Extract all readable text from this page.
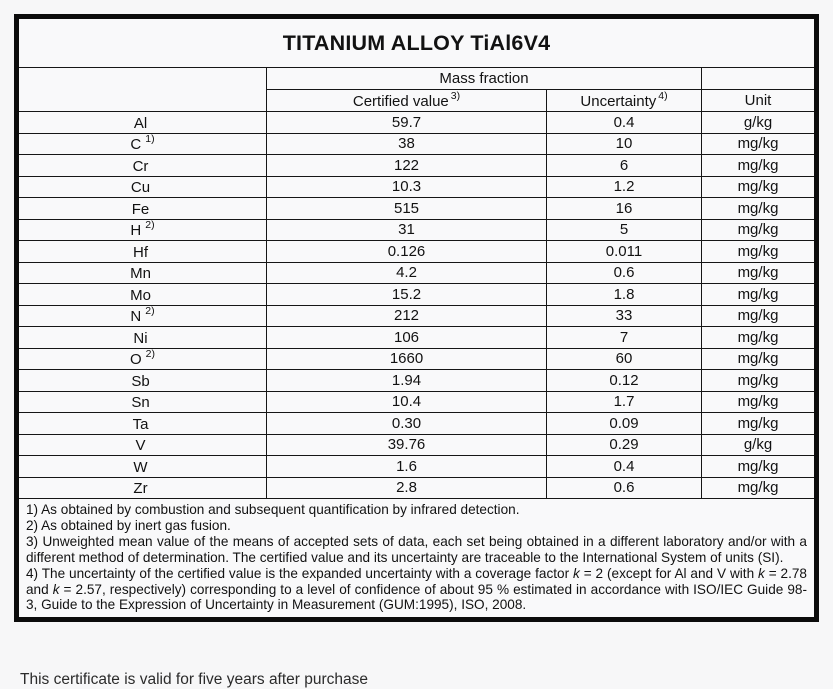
TITANIUM ALLOY TiAl6V4			
	Mass fraction		
	Certified value $^{3)}$	Uncertainty $^{4)}$	Unit
Al	59.7	0.4	g/kg
C $^{1)}$	38	10	mg/kg
Cr	122	6	mg/kg
Cu	10.3	1.2	mg/kg
Fe	515	16	mg/kg
H $^{2)}$	31	5	mg/kg
Hf	0.126	0.011	mg/kg
Mn	4.2	0.6	mg/kg
Mo	15.2	1.8	mg/kg
N $^{2)}$	212	33	mg/kg
Ni	106	7	mg/kg
O $^{2)}$	1660	60	mg/kg
Sb	1.94	0.12	mg/kg
Sn	10.4	1.7	mg/kg
Ta	0.30	0.09	mg/kg
V	39.76	0.29	g/kg
W	1.6	0.4	mg/kg
Zr	2.8	0.6	mg/kg

1) As obtained by combustion and subsequent quantification by infrared detection.

2) As obtained by inert gas fusion.

3) Unweighted mean value of the means of accepted sets of data, each set being obtained in a different laboratory and/or with a different method of determination. The certified value and its uncertainty are traceable to the International System of units (SI).

4) The uncertainty of the certified value is the expanded uncertainty with a coverage factor k = 2 (except for Al and V with k = 2.78 and k = 2.57, respectively) corresponding to a level of confidence of about 95 % estimated in accordance with ISO/IEC Guide 98-3, Guide to the Expression of Uncertainty in Measurement (GUM:1995), ISO, 2008.			

This certificate is valid for five years after purchase
